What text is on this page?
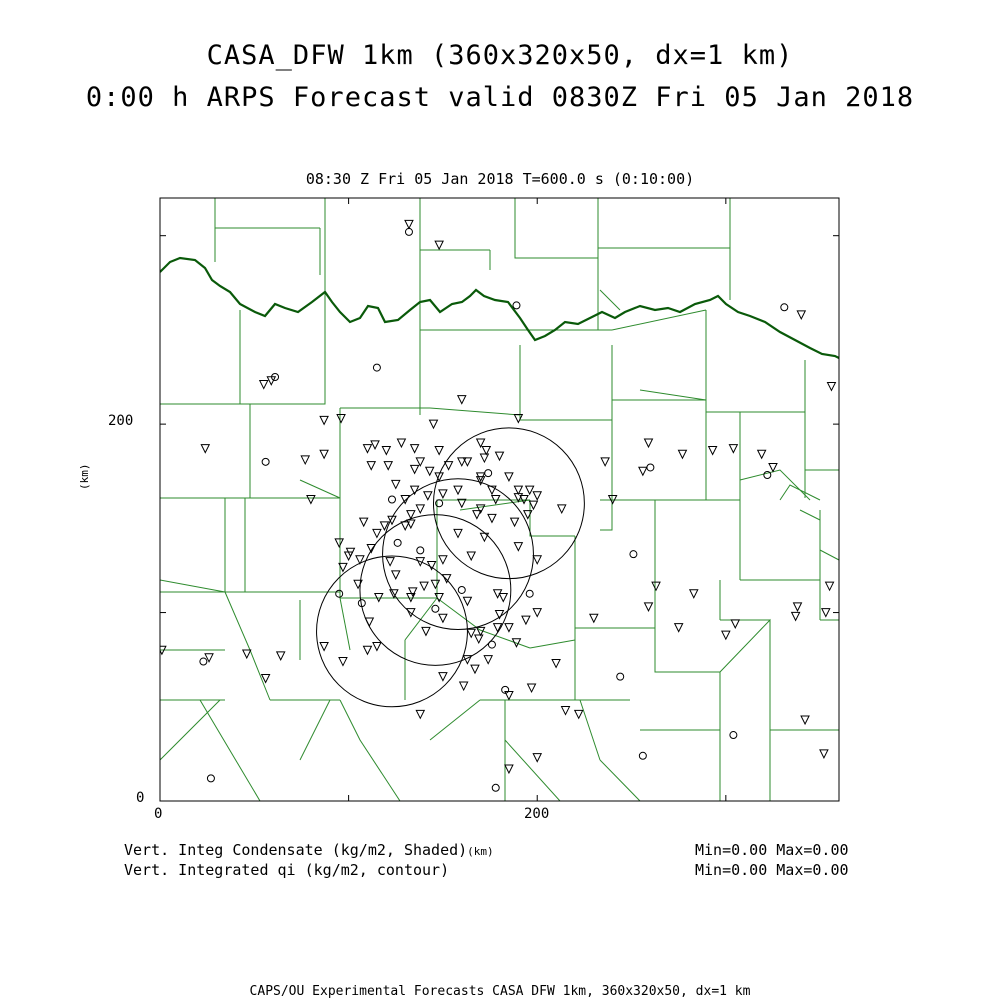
CASA_DFW 1km (360x320x50, dx=1 km)
0:00 h ARPS Forecast valid 0830Z Fri 05 Jan 2018
08:30 Z Fri 05 Jan 2018 T=600.0 s (0:10:00)
(km)
0
200
0	200
Vert. Integ Condensate (kg/m2, Shaded)(km)
Vert. Integrated qi (kg/m2, contour)
Min=0.00 Max=0.00
Min=0.00 Max=0.00
CAPS/OU Experimental Forecasts CASA DFW 1km, 360x320x50, dx=1 km
